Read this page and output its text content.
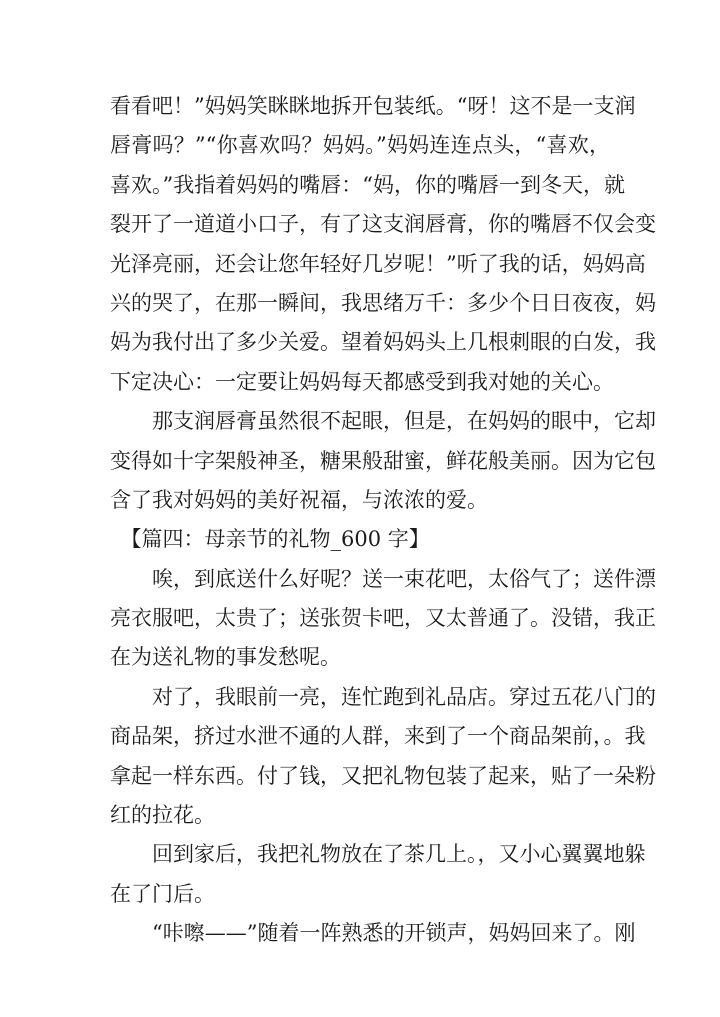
看看吧！”妈妈笑眯眯地拆开包装纸。“呀！这不是一支润
唇膏吗？”“你喜欢吗？妈妈。”妈妈连连点头，“喜欢，
喜欢。”我指着妈妈的嘴唇：“妈，你的嘴唇一到冬天，就
裂开了一道道小口子，有了这支润唇膏，你的嘴唇不仅会变
光泽亮丽，还会让您年轻好几岁呢！”听了我的话，妈妈高
兴的哭了，在那一瞬间，我思绪万千：多少个日日夜夜，妈
妈为我付出了多少关爱。望着妈妈头上几根刺眼的白发，我
下定决心：一定要让妈妈每天都感受到我对她的关心。
　　那支润唇膏虽然很不起眼，但是，在妈妈的眼中，它却
变得如十字架般神圣，糖果般甜蜜，鲜花般美丽。因为它包
含了我对妈妈的美好祝福，与浓浓的爱。
　【篇四：母亲节的礼物_600 字】
　　唉，到底送什么好呢？送一束花吧，太俗气了；送件漂
亮衣服吧，太贵了；送张贺卡吧，又太普通了。没错，我正
在为送礼物的事发愁呢。
　　对了，我眼前一亮，连忙跑到礼品店。穿过五花八门的
商品架，挤过水泄不通的人群，来到了一个商品架前，。我
拿起一样东西。付了钱，又把礼物包装了起来，贴了一朵粉
红的拉花。
　　回到家后，我把礼物放在了茶几上。，又小心翼翼地躲
在了门后。
　　“咔嚓——”随着一阵熟悉的开锁声，妈妈回来了。刚
